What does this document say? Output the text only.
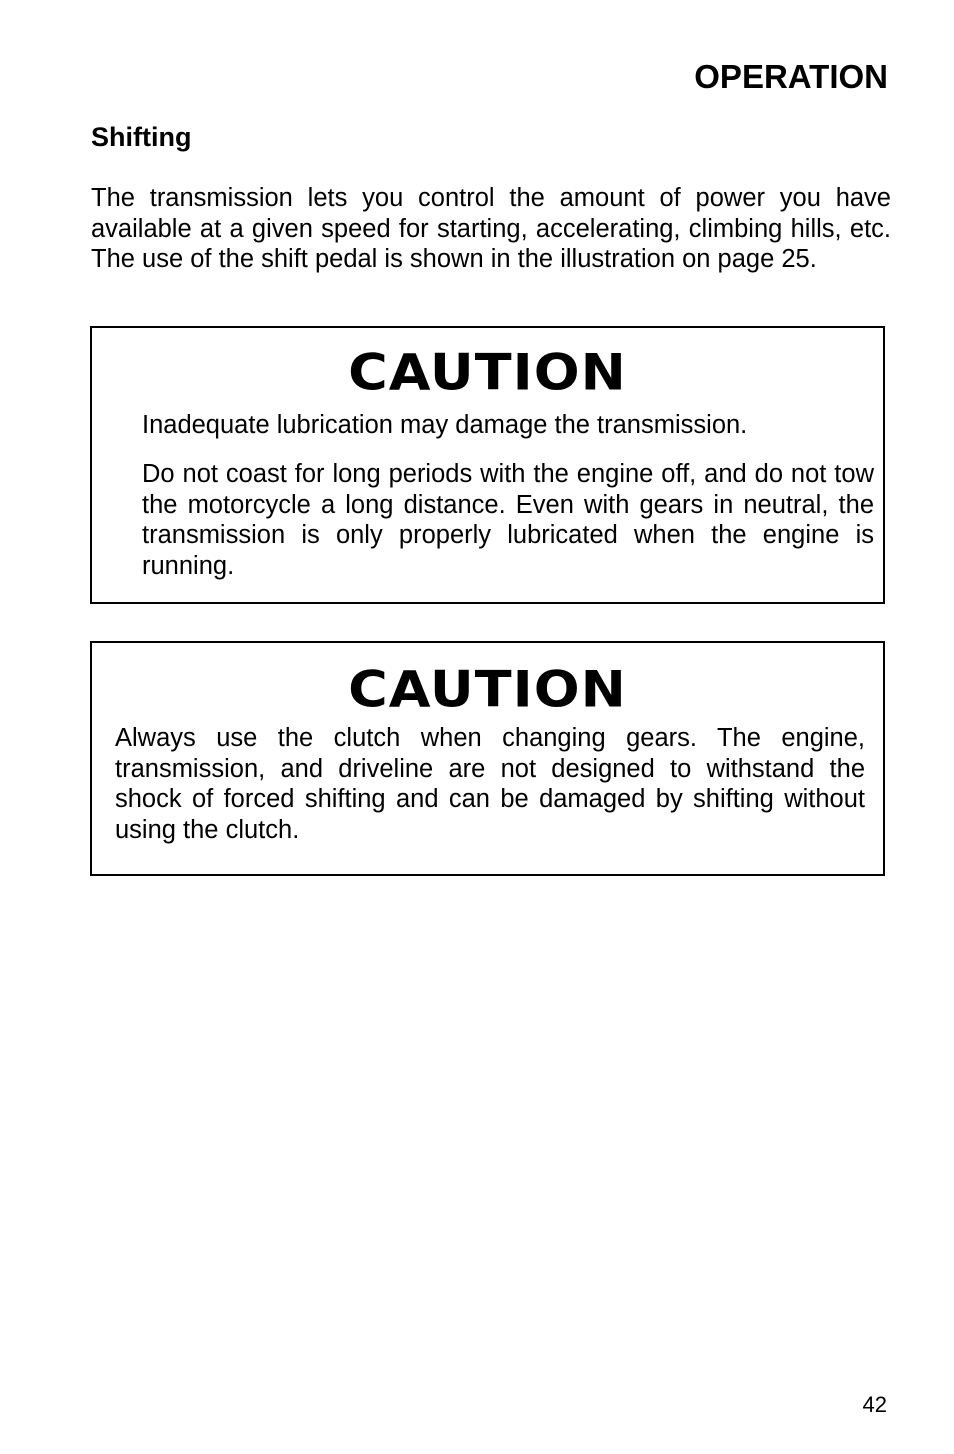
OPERATION
Shifting

The transmission lets you control the amount of power you have available at a given speed for starting, accelerating, climbing hills, etc. The use of the shift pedal is shown in the illustration on page 25.

CAUTION

Inadequate lubrication may damage the transmission.

Do not coast for long periods with the engine off, and do not tow the motorcycle a long distance. Even with gears in neutral, the transmission is only properly lubricated when the engine is running.

CAUTION

Always use the clutch when changing gears. The engine, transmission, and driveline are not designed to withstand the shock of forced shifting and can be damaged by shifting without using the clutch.

42
